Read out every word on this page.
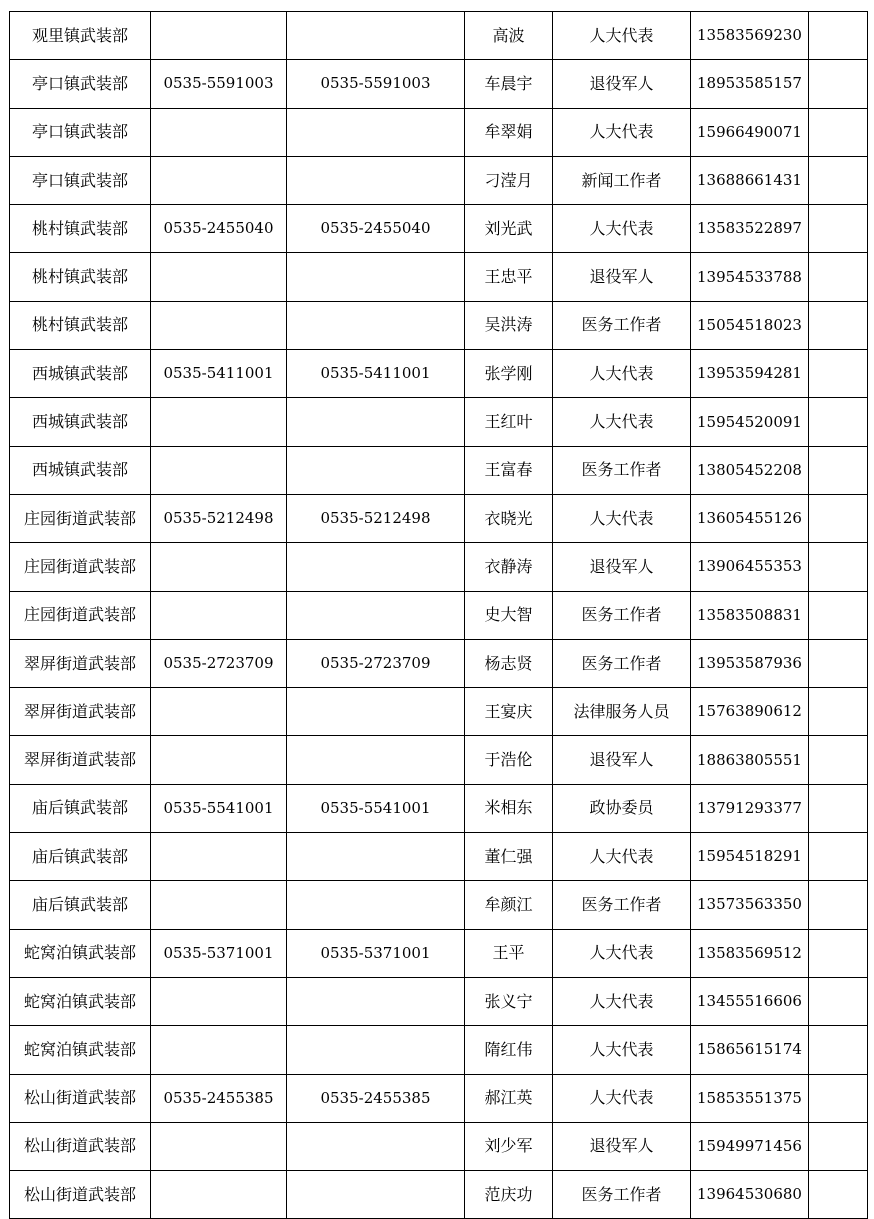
观里镇武装部			高波	人大代表	13583569230	
亭口镇武装部	0535-5591003	0535-5591003	车晨宇	退役军人	18953585157	
亭口镇武装部			牟翠娟	人大代表	15966490071	
亭口镇武装部			刁滢月	新闻工作者	13688661431	
桃村镇武装部	0535-2455040	0535-2455040	刘光武	人大代表	13583522897	
桃村镇武装部			王忠平	退役军人	13954533788	
桃村镇武装部			吴洪涛	医务工作者	15054518023	
西城镇武装部	0535-5411001	0535-5411001	张学刚	人大代表	13953594281	
西城镇武装部			王红叶	人大代表	15954520091	
西城镇武装部			王富春	医务工作者	13805452208	
庄园街道武装部	0535-5212498	0535-5212498	衣晓光	人大代表	13605455126	
庄园街道武装部			衣静涛	退役军人	13906455353	
庄园街道武装部			史大智	医务工作者	13583508831	
翠屏街道武装部	0535-2723709	0535-2723709	杨志贤	医务工作者	13953587936	
翠屏街道武装部			王宴庆	法律服务人员	15763890612	
翠屏街道武装部			于浩伦	退役军人	18863805551	
庙后镇武装部	0535-5541001	0535-5541001	米相东	政协委员	13791293377	
庙后镇武装部			董仁强	人大代表	15954518291	
庙后镇武装部			牟颜江	医务工作者	13573563350	
蛇窝泊镇武装部	0535-5371001	0535-5371001	王平	人大代表	13583569512	
蛇窝泊镇武装部			张义宁	人大代表	13455516606	
蛇窝泊镇武装部			隋红伟	人大代表	15865615174	
松山街道武装部	0535-2455385	0535-2455385	郝江英	人大代表	15853551375	
松山街道武装部			刘少军	退役军人	15949971456	
松山街道武装部			范庆功	医务工作者	13964530680	
